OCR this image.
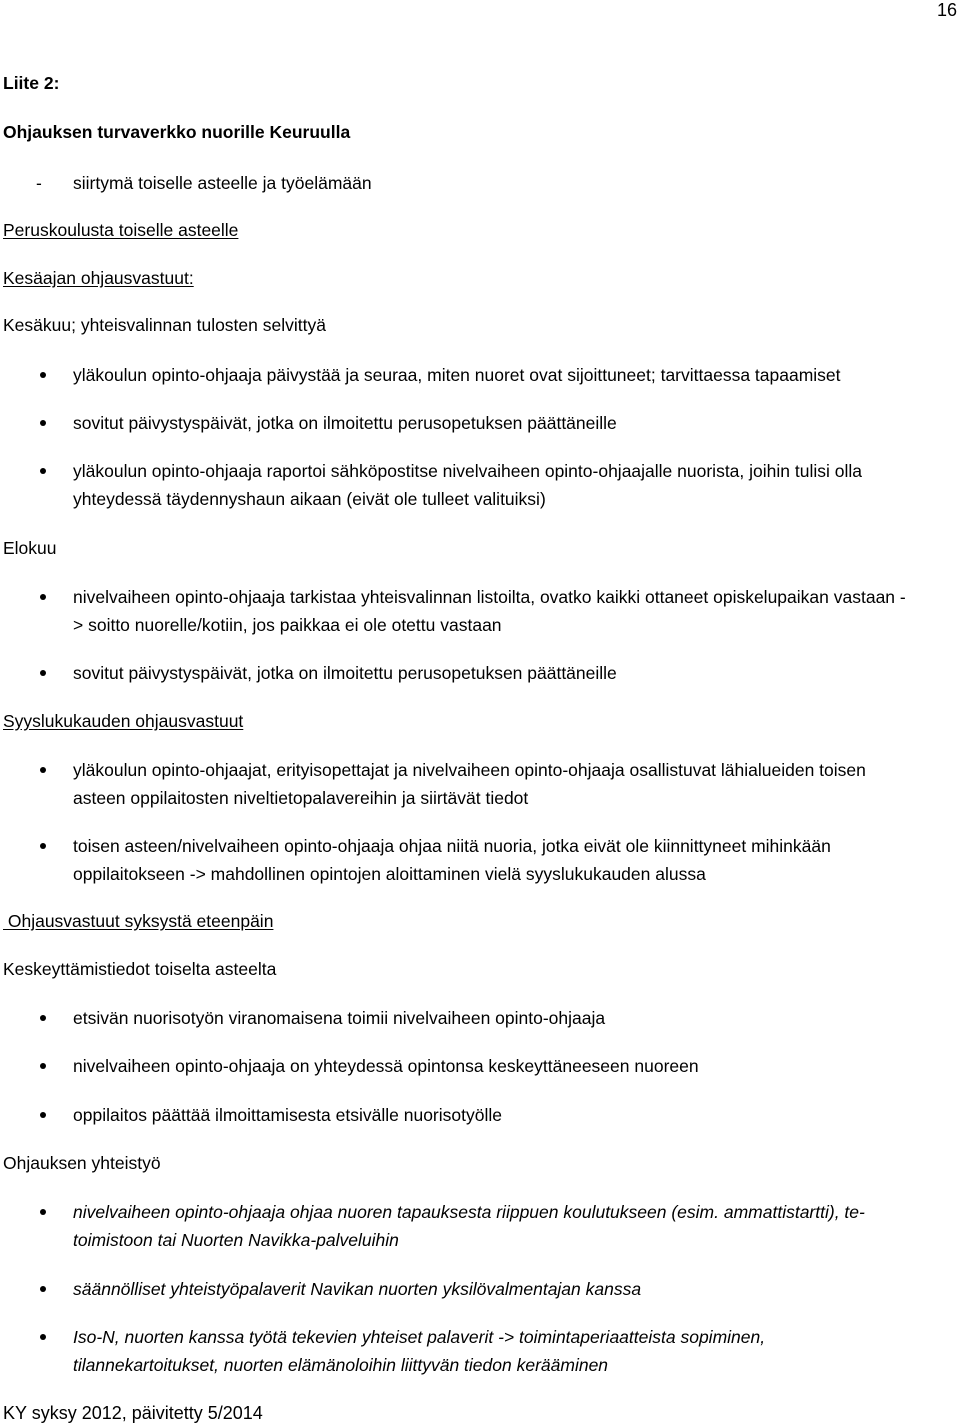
16
Liite 2:
Ohjauksen turvaverkko nuorille Keuruulla
- siirtymä toiselle asteelle ja työelämään
Peruskoulusta toiselle asteelle
Kesäajan ohjausvastuut:
Kesäkuu; yhteisvalinnan tulosten selvittyä
yläkoulun opinto-ohjaaja päivystää ja seuraa, miten nuoret ovat sijoittuneet; tarvittaessa tapaamiset
sovitut päivystyspäivät, jotka on ilmoitettu perusopetuksen päättäneille
yläkoulun opinto-ohjaaja raportoi sähköpostitse nivelvaiheen opinto-ohjaajalle nuorista, joihin tulisi olla
yhteydessä täydennyshaun aikaan (eivät ole tulleet valituiksi)
Elokuu
nivelvaiheen opinto-ohjaaja tarkistaa yhteisvalinnan listoilta, ovatko kaikki ottaneet opiskelupaikan vastaan -
> soitto nuorelle/kotiin, jos paikkaa ei ole otettu vastaan
sovitut päivystyspäivät, jotka on ilmoitettu perusopetuksen päättäneille
Syyslukukauden ohjausvastuut
yläkoulun opinto-ohjaajat, erityisopettajat ja nivelvaiheen opinto-ohjaaja osallistuvat lähialueiden toisen
asteen oppilaitosten niveltietopalavereihin ja siirtävät tiedot
toisen asteen/nivelvaiheen opinto-ohjaaja ohjaa niitä nuoria, jotka eivät ole kiinnittyneet mihinkään
oppilaitokseen -> mahdollinen opintojen aloittaminen vielä syyslukukauden alussa
Ohjausvastuut syksystä eteenpäin
Keskeyttämistiedot toiselta asteelta
etsivän nuorisotyön viranomaisena toimii nivelvaiheen opinto-ohjaaja
nivelvaiheen opinto-ohjaaja on yhteydessä opintonsa keskeyttäneeseen nuoreen
oppilaitos päättää ilmoittamisesta etsivälle nuorisotyölle
Ohjauksen yhteistyö
nivelvaiheen opinto-ohjaaja ohjaa nuoren tapauksesta riippuen koulutukseen (esim. ammattistartti), te-
toimistoon tai Nuorten Navikka-palveluihin
säännölliset yhteistyöpalaverit Navikan nuorten yksilövalmentajan kanssa
Iso-N, nuorten kanssa työtä tekevien yhteiset palaverit -> toimintaperiaatteista sopiminen,
tilannekartoitukset, nuorten elämänoloihin liittyvän tiedon kerääminen
KY syksy 2012, päivitetty 5/2014
